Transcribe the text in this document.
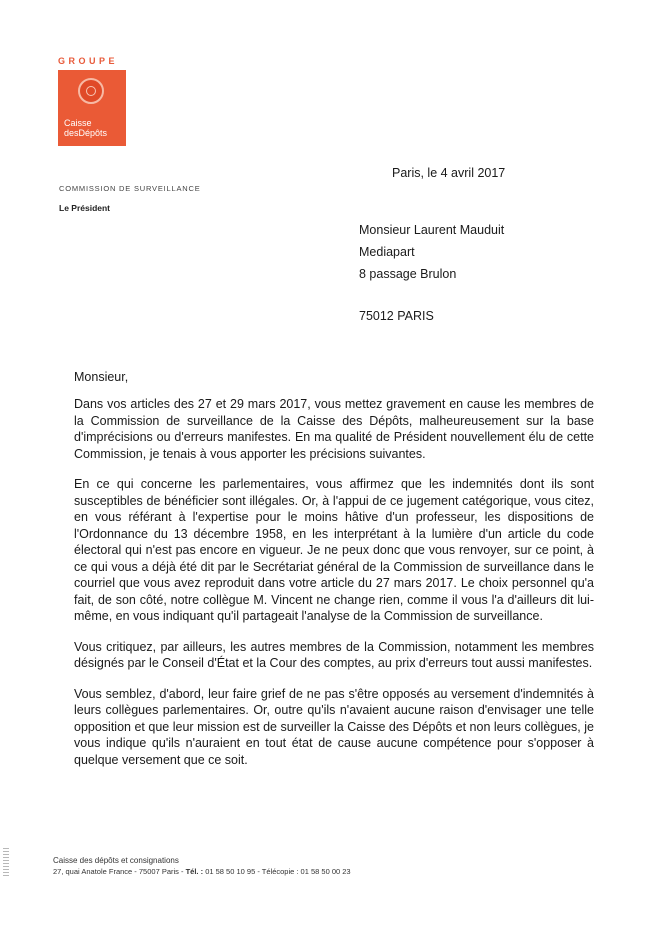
GROUPE
Caisse
desDépôts
COMMISSION DE SURVEILLANCE
Le Président
Paris, le 4 avril 2017
Monsieur Laurent Mauduit
Mediapart
8 passage Brulon
75012 PARIS
Monsieur,

Dans vos articles des 27 et 29 mars 2017, vous mettez gravement en cause les membres de la Commission de surveillance de la Caisse des Dépôts, malheureusement sur la base d'imprécisions ou d'erreurs manifestes. En ma qualité de Président nouvellement élu de cette Commission, je tenais à vous apporter les précisions suivantes.

En ce qui concerne les parlementaires, vous affirmez que les indemnités dont ils sont susceptibles de bénéficier sont illégales. Or, à l'appui de ce jugement catégorique, vous citez, en vous référant à l'expertise pour le moins hâtive d'un professeur, les dispositions de l'Ordonnance du 13 décembre 1958, en les interprétant à la lumière d'un article du code électoral qui n'est pas encore en vigueur. Je ne peux donc que vous renvoyer, sur ce point, à ce qui vous a déjà été dit par le Secrétariat général de la Commission de surveillance dans le courriel que vous avez reproduit dans votre article du 27 mars 2017. Le choix personnel qu'a fait, de son côté, notre collègue M. Vincent ne change rien, comme il vous l'a d'ailleurs dit lui-même, en vous indiquant qu'il partageait l'analyse de la Commission de surveillance.

Vous critiquez, par ailleurs, les autres membres de la Commission, notamment les membres désignés par le Conseil d'État et la Cour des comptes, au prix d'erreurs tout aussi manifestes.

Vous semblez, d'abord, leur faire grief de ne pas s'être opposés au versement d'indemnités à leurs collègues parlementaires. Or, outre qu'ils n'avaient aucune raison d'envisager une telle opposition et que leur mission est de surveiller la Caisse des Dépôts et non leurs collègues, je vous indique qu'ils n'auraient en tout état de cause aucune compétence pour s'opposer à quelque versement que ce soit.

Caisse des dépôts et consignations
27, quai Anatole France - 75007 Paris - Tél. : 01 58 50 10 95 - Télécopie : 01 58 50 00 23
